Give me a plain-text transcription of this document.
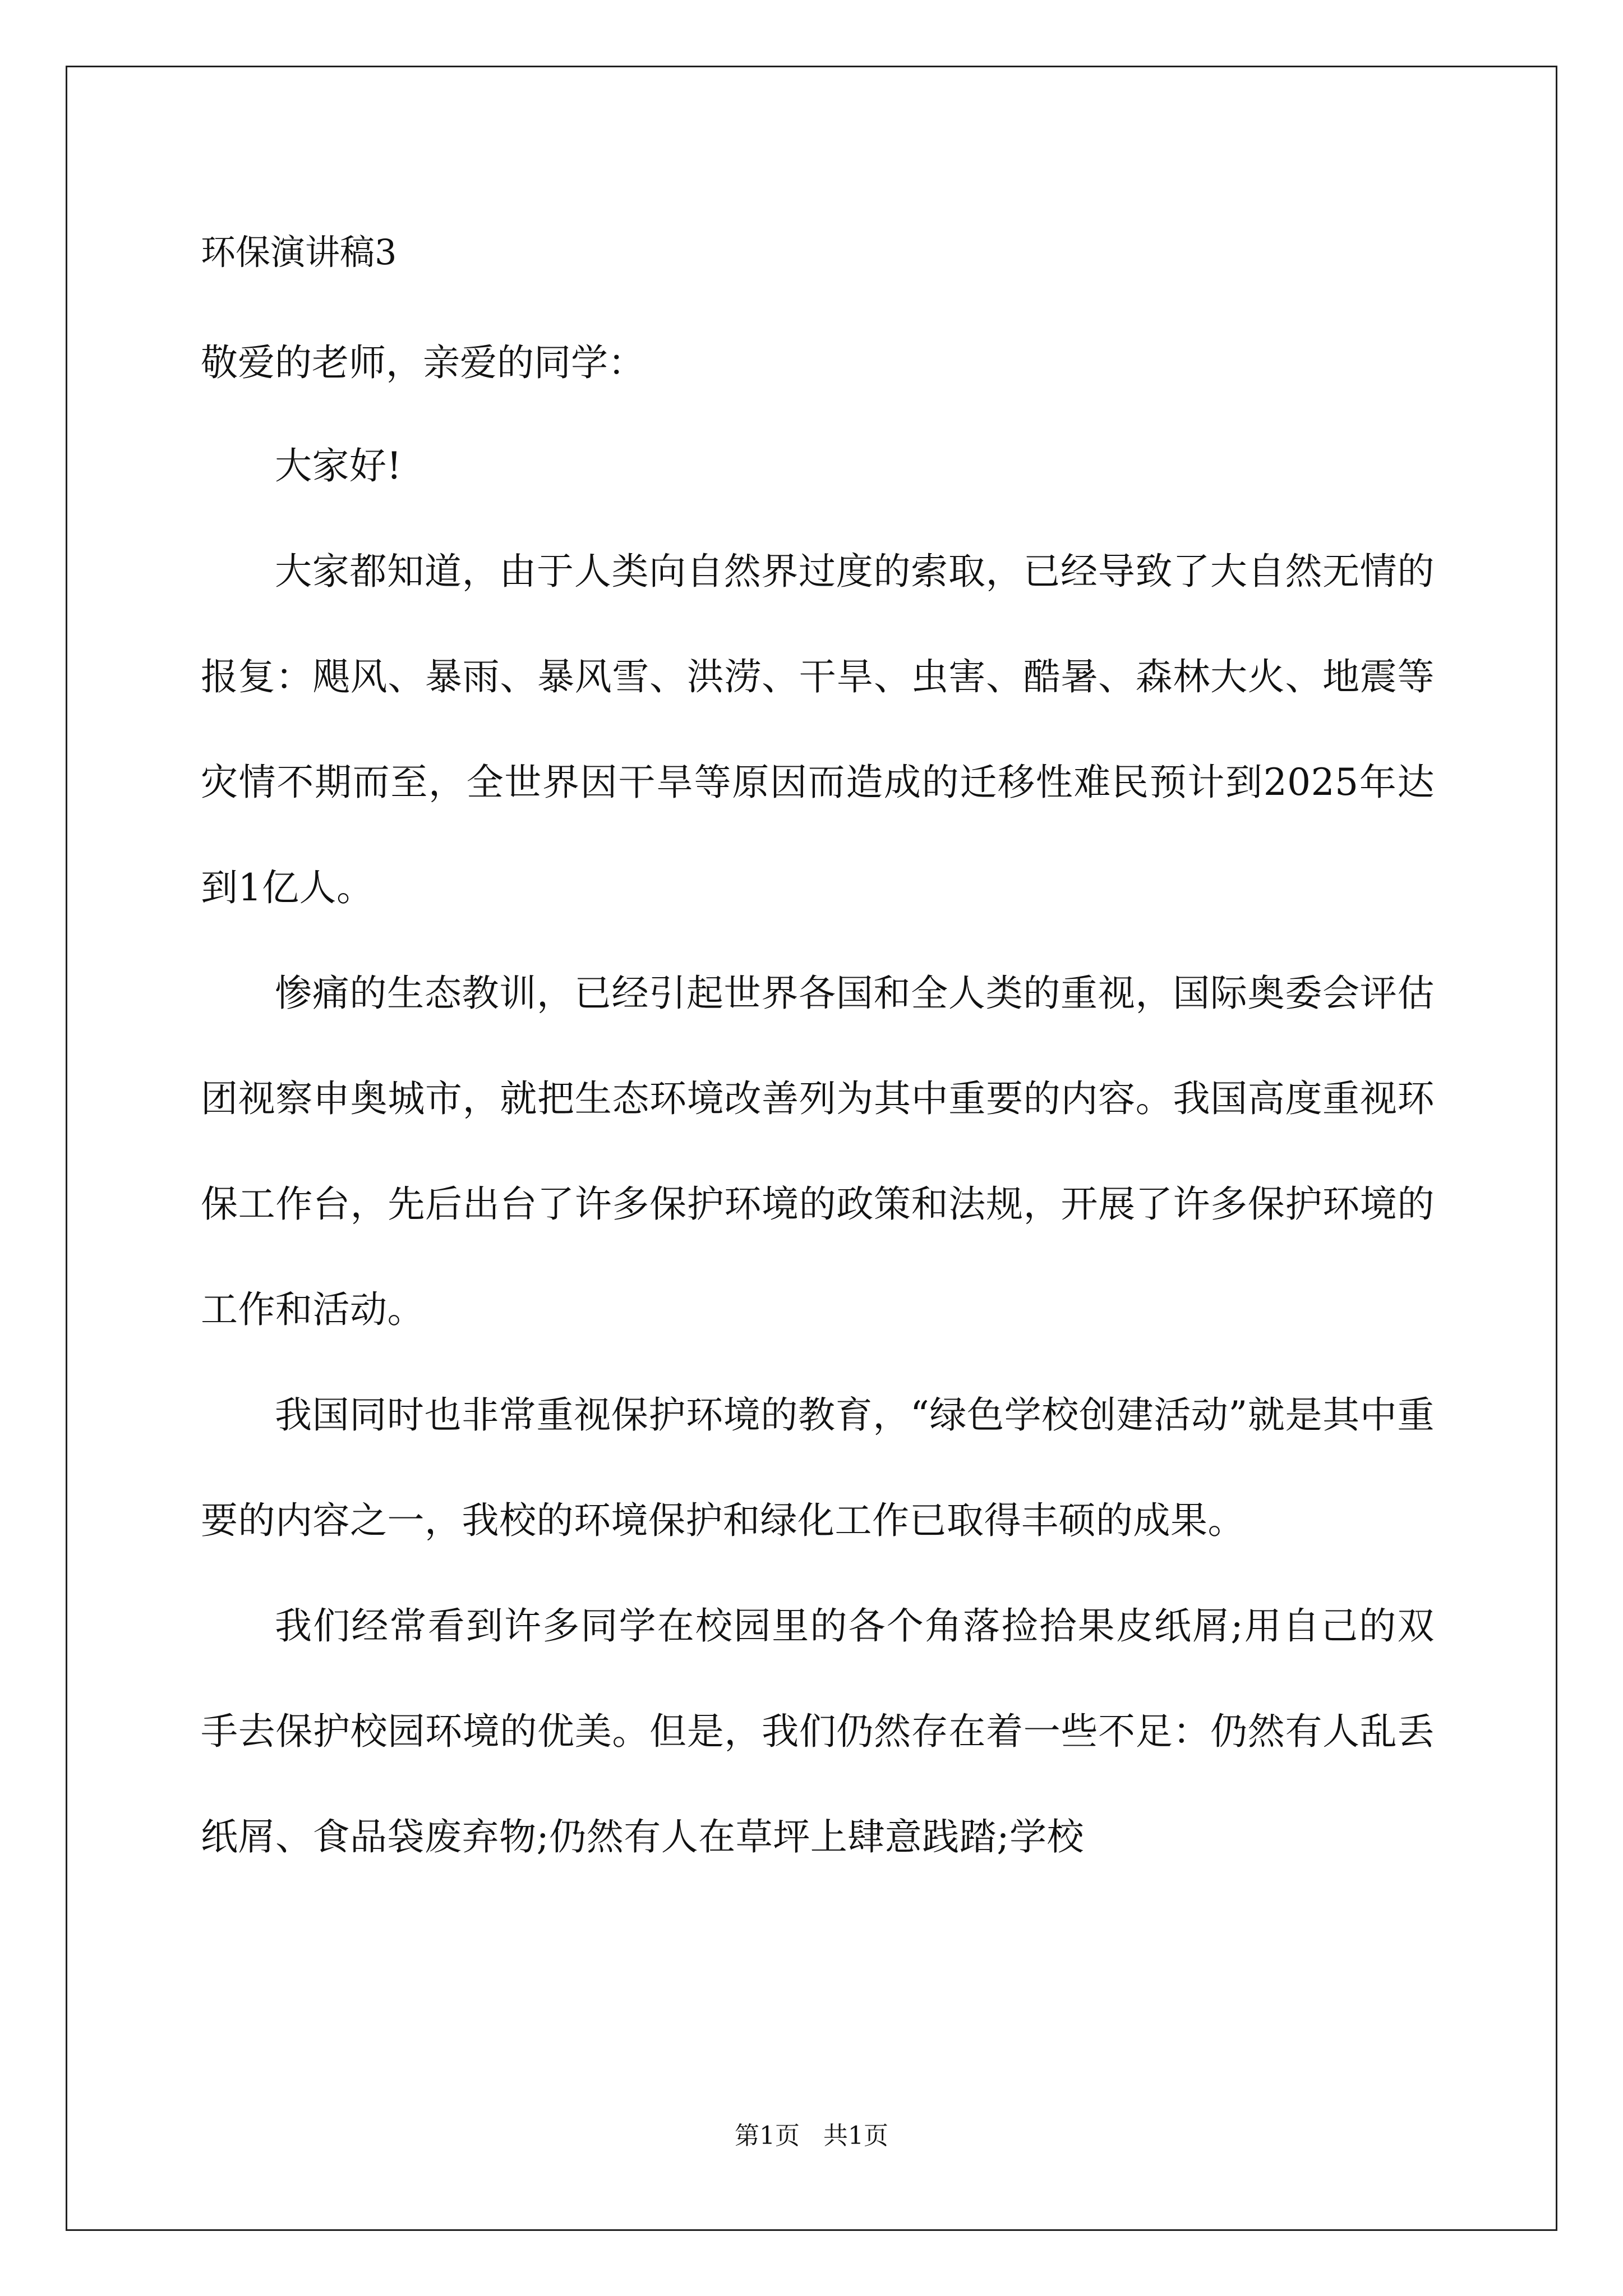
环保演讲稿3

敬爱的老师，亲爱的同学：

大家好!

大家都知道，由于人类向自然界过度的索取，已经导致了大自然无情的报复：飓风、暴雨、暴风雪、洪涝、干旱、虫害、酷暑、森林大火、地震等灾情不期而至，全世界因干旱等原因而造成的迁移性难民预计到2025年达到1亿人。

惨痛的生态教训，已经引起世界各国和全人类的重视，国际奥委会评估团视察申奥城市，就把生态环境改善列为其中重要的内容。我国高度重视环保工作台，先后出台了许多保护环境的政策和法规，开展了许多保护环境的工作和活动。

我国同时也非常重视保护环境的教育，“绿色学校创建活动”就是其中重要的内容之一，我校的环境保护和绿化工作已取得丰硕的成果。

我们经常看到许多同学在校园里的各个角落捡拾果皮纸屑;用自己的双手去保护校园环境的优美。但是，我们仍然存在着一些不足：仍然有人乱丢纸屑、食品袋废弃物;仍然有人在草坪上肆意践踏;学校

第1页   共1页
